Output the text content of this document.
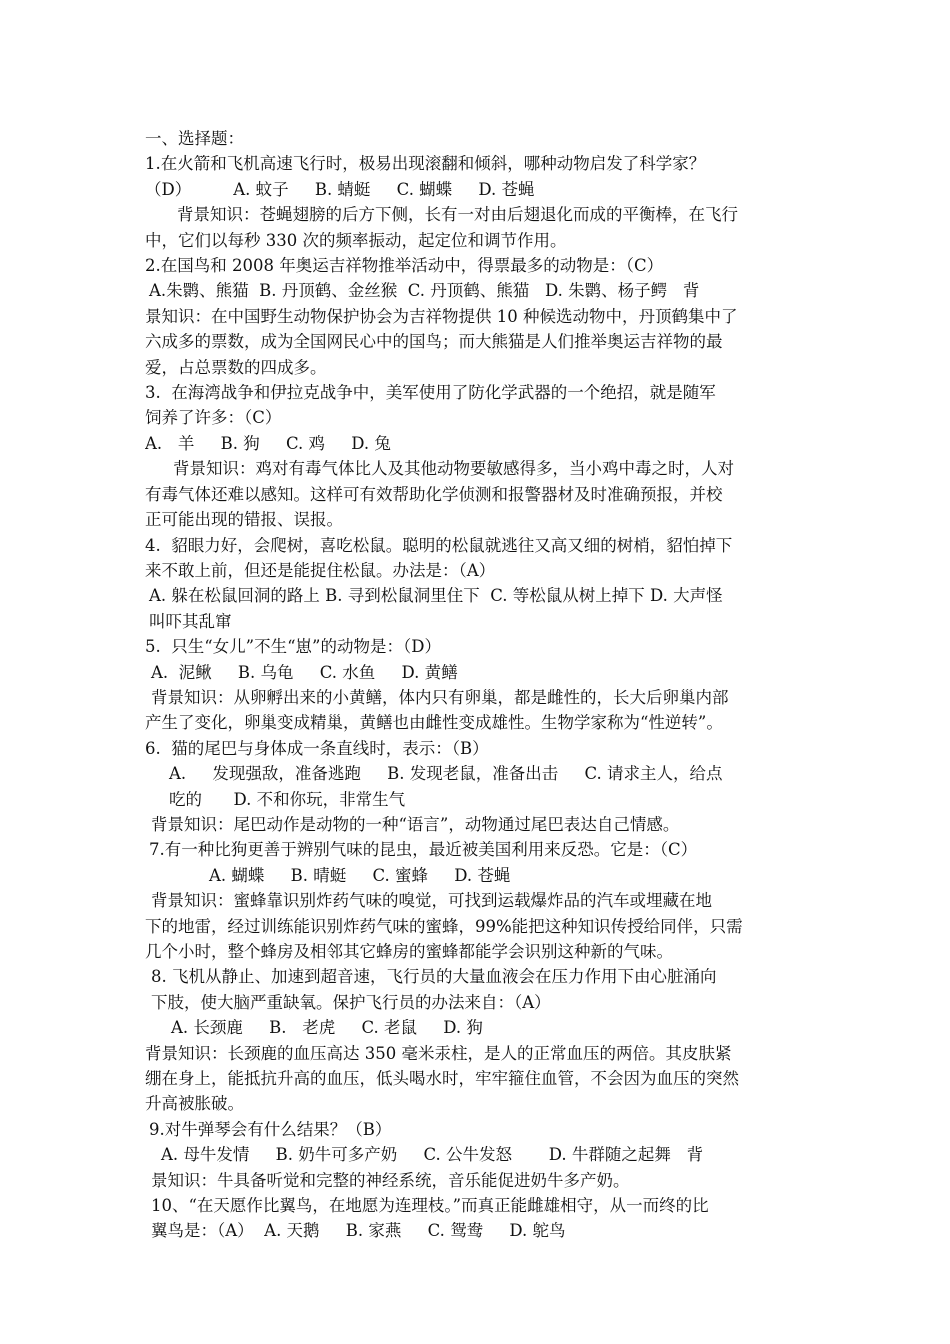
一、选择题：
1.在火箭和飞机高速飞行时，极易出现滚翻和倾斜，哪种动物启发了科学家？
（D）        A. 蚊子     B. 蜻蜓     C. 蝴蝶     D. 苍蝇
背景知识：苍蝇翅膀的后方下侧，长有一对由后翅退化而成的平衡棒，在飞行
中，它们以每秒 330 次的频率振动，起定位和调节作用。
2.在国鸟和 2008 年奥运吉祥物推举活动中，得票最多的动物是：（C）
A.朱鹮、熊猫  B. 丹顶鹤、金丝猴  C. 丹顶鹤、熊猫   D. 朱鹮、杨子鳄   背
景知识：在中国野生动物保护协会为吉祥物提供 10 种候选动物中，丹顶鹤集中了
六成多的票数，成为全国网民心中的国鸟；而大熊猫是人们推举奥运吉祥物的最
爱，占总票数的四成多。
3.  在海湾战争和伊拉克战争中，美军使用了防化学武器的一个绝招，就是随军
饲养了许多：（C）
A.   羊     B. 狗     C. 鸡     D. 兔
背景知识：鸡对有毒气体比人及其他动物要敏感得多，当小鸡中毒之时，人对
有毒气体还难以感知。这样可有效帮助化学侦测和报警器材及时准确预报，并校
正可能出现的错报、误报。
4.  貂眼力好，会爬树，喜吃松鼠。聪明的松鼠就逃往又高又细的树梢，貂怕掉下
来不敢上前，但还是能捉住松鼠。办法是：（A）
A. 躲在松鼠回洞的路上 B. 寻到松鼠洞里住下  C. 等松鼠从树上掉下 D. 大声怪
叫吓其乱窜
5.  只生“女儿”不生“崽”的动物是：（D）
A.  泥鳅     B. 乌龟     C. 水鱼     D. 黄鳝
背景知识：从卵孵出来的小黄鳝，体内只有卵巢，都是雌性的，长大后卵巢内部
产生了变化，卵巢变成精巢，黄鳝也由雌性变成雄性。生物学家称为“性逆转”。
6.  猫的尾巴与身体成一条直线时，表示：（B）
A.     发现强敌，准备逃跑     B. 发现老鼠，准备出击     C. 请求主人，给点
吃的      D. 不和你玩，非常生气
背景知识：尾巴动作是动物的一种“语言”，动物通过尾巴表达自己情感。
7.有一种比狗更善于辨别气味的昆虫，最近被美国利用来反恐。它是：（C）
A. 蝴蝶     B. 晴蜓     C. 蜜蜂     D. 苍蝇
背景知识：蜜蜂靠识别炸药气味的嗅觉，可找到运载爆炸品的汽车或埋藏在地
下的地雷，经过训练能识别炸药气味的蜜蜂，99%能把这种知识传授给同伴，只需
几个小时，整个蜂房及相邻其它蜂房的蜜蜂都能学会识别这种新的气味。
8. 飞机从静止、加速到超音速，飞行员的大量血液会在压力作用下由心脏涌向
下肢，使大脑严重缺氧。保护飞行员的办法来自：（A）
A. 长颈鹿     B.   老虎     C. 老鼠     D. 狗
背景知识：长颈鹿的血压高达 350 毫米汞柱，是人的正常血压的两倍。其皮肤紧
绷在身上，能抵抗升高的血压，低头喝水时，牢牢箍住血管，不会因为血压的突然
升高被胀破。
9.对牛弹琴会有什么结果？（B）
A. 母牛发情     B. 奶牛可多产奶     C. 公牛发怒       D. 牛群随之起舞   背
景知识：牛具备听觉和完整的神经系统，音乐能促进奶牛多产奶。
10、“在天愿作比翼鸟，在地愿为连理枝。”而真正能雌雄相守，从一而终的比
翼鸟是：（A）  A. 天鹅     B. 家燕     C. 鸳鸯     D. 鸵鸟
